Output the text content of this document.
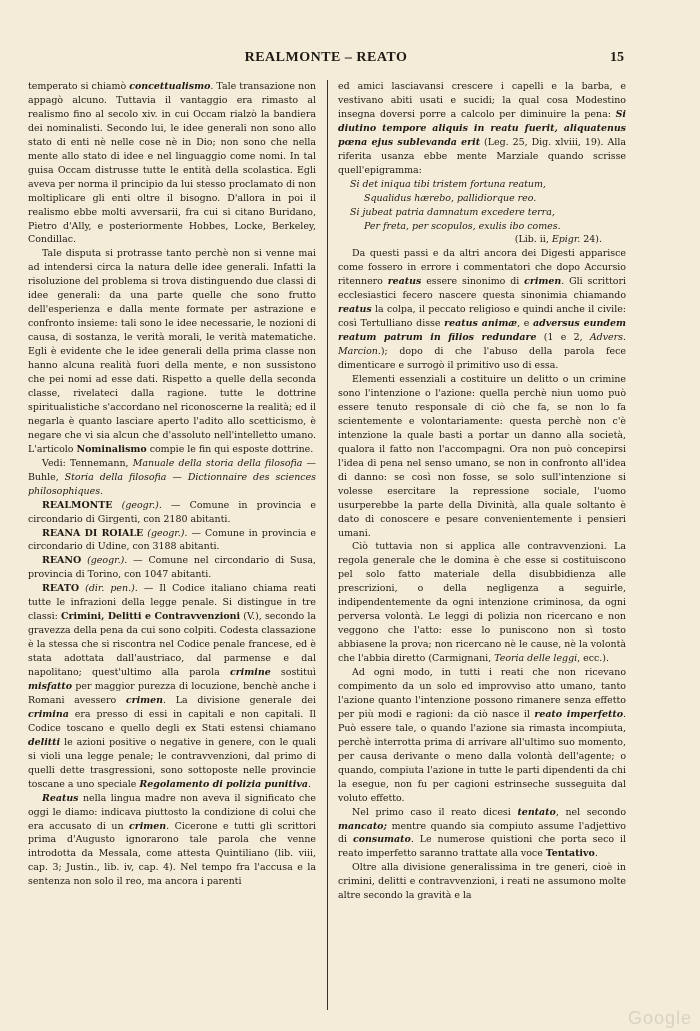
REALMONTE – REATO	15

temperato si chiamò concettualismo. Tale transazione non appagò alcuno. Tuttavia il vantaggio era rimasto al realismo fino al secolo xiv. in cui Occam rialzò la bandiera dei nominalisti. Secondo lui, le idee generali non sono allo stato di enti nè nelle cose nè in Dio; non sono che nella mente allo stato di idee e nel linguaggio come nomi. In tal guisa Occam distrusse tutte le entità della scolastica. Egli aveva per norma il principio da lui stesso proclamato di non moltiplicare gli enti oltre il bisogno. D'allora in poi il realismo ebbe molti avversarii, fra cui si citano Buridano, Pietro d'Ally, e posteriormente Hobbes, Locke, Berkeley, Condillac.

Tale disputa si protrasse tanto perchè non si venne mai ad intendersi circa la natura delle idee generali. Infatti la risoluzione del problema si trova distinguendo due classi di idee generali: da una parte quelle che sono frutto dell'esperienza e dalla mente formate per astrazione e confronto insieme: tali sono le idee necessarie, le nozioni di causa, di sostanza, le verità morali, le verità matematiche. Egli è evidente che le idee generali della prima classe non hanno alcuna realità fuori della mente, e non sussistono che pei nomi ad esse dati. Rispetto a quelle della seconda classe, rivelateci dalla ragione. tutte le dottrine spiritualistiche s'accordano nel riconoscerne la realità; ed il negarla è quanto lasciare aperto l'adito allo scetticismo, è negare che vi sia alcun che d'assoluto nell'intelletto umano. L'articolo Nominalismo compie le fin qui esposte dottrine.

Vedi: Tennemann, Manuale della storia della filosofia — Buhle, Storia della filosofia — Dictionnaire des sciences philosophiques.

REALMONTE (geogr.). — Comune in provincia e circondario di Girgenti, con 2180 abitanti.

REANA DI ROIALE (geogr.). — Comune in provincia e circondario di Udine, con 3188 abitanti.

REANO (geogr.). — Comune nel circondario di Susa, provincia di Torino, con 1047 abitanti.

REATO (dir. pen.). — Il Codice italiano chiama reati tutte le infrazioni della legge penale. Si distingue in tre classi: Crimini, Delitti e Contravvenzioni (V.), secondo la gravezza della pena da cui sono colpiti. Codesta classazione è la stessa che si riscontra nel Codice penale francese, ed è stata adottata dall'austriaco, dal parmense e dal napolitano; quest'ultimo alla parola crimine sostituì misfatto per maggior purezza di locuzione, benchè anche i Romani avessero crimen. La divisione generale dei crimina era presso di essi in capitali e non capitali. Il Codice toscano e quello degli ex Stati estensi chiamano delitti le azioni positive o negative in genere, con le quali si violi una legge penale; le contravvenzioni, dal primo di quelli dette trasgressioni, sono sottoposte nelle provincie toscane a uno speciale Regolamento di polizia punitiva.

Reatus nella lingua madre non aveva il significato che oggi le diamo: indicava piuttosto la condizione di colui che era accusato di un crimen. Cicerone e tutti gli scrittori prima d'Augusto ignorarono tale parola che venne introdotta da Messala, come attesta Quintiliano (lib. viii, cap. 3; Justin., lib. iv, cap. 4). Nel tempo fra l'accusa e la sentenza non solo il reo, ma ancora i parenti

ed amici lasciavansi crescere i capelli e la barba, e vestivano abiti usati e sucidi; la qual cosa Modestino insegna doversi porre a calcolo per diminuire la pena: Si diutino tempore aliquis in reatu fuerit, aliquatenus pœna ejus sublevanda erit (Leg. 25, Dig. xlviii, 19). Alla riferita usanza ebbe mente Marziale quando scrisse quell'epigramma:

Si det iniqua tibi tristem fortuna reatum,
Squalidus hærebo, pallidiorque reo.
Si jubeat patria damnatum excedere terra,
Per freta, per scopulos, exulis ibo comes.

(Lib. ii, Epigr. 24).

Da questi passi e da altri ancora dei Digesti apparisce come fossero in errore i commentatori che dopo Accursio ritennero reatus essere sinonimo di crimen. Gli scrittori ecclesiastici fecero nascere questa sinonimia chiamando reatus la colpa, il peccato religioso e quindi anche il civile: così Tertulliano disse reatus animæ, e adversus eundem reatum patrum in filios redundare (1 e 2, Advers. Marcion.); dopo di che l'abuso della parola fece dimenticare e surrogò il primitivo uso di essa.

Elementi essenziali a costituire un delitto o un crimine sono l'intenzione o l'azione: quella perchè niun uomo può essere tenuto responsale di ciò che fa, se non lo fa scientemente e volontariamente: questa perchè non c'è intenzione la quale basti a portar un danno alla società, qualora il fatto non l'accompagni. Ora non può concepirsi l'idea di pena nel senso umano, se non in confronto all'idea di danno: se così non fosse, se solo sull'intenzione si volesse esercitare la repressione sociale, l'uomo usurperebbe la parte della Divinità, alla quale soltanto è dato di conoscere e pesare convenientemente i pensieri umani.

Ciò tuttavia non si applica alle contravvenzioni. La regola generale che le domina è che esse si costituiscono pel solo fatto materiale della disubbidienza alle prescrizioni, o della negligenza a seguirle, indipendentemente da ogni intenzione criminosa, da ogni perversa volontà. Le leggi di polizia non ricercano e non veggono che l'atto: esse lo puniscono non sì tosto abbiasene la prova; non ricercano nè le cause, nè la volontà che l'abbia diretto (Carmignani, Teoria delle leggi, ecc.).

Ad ogni modo, in tutti i reati che non ricevano compimento da un solo ed improvviso atto umano, tanto l'azione quanto l'intenzione possono rimanere senza effetto per più modi e ragioni: da ciò nasce il reato imperfetto. Può essere tale, o quando l'azione sia rimasta incompiuta, perchè interrotta prima di arrivare all'ultimo suo momento, per causa derivante o meno dalla volontà dell'agente; o quando, compiuta l'azione in tutte le parti dipendenti da chi la esegue, non fu per cagioni estrinseche susseguita dal voluto effetto.

Nel primo caso il reato dicesi tentato, nel secondo mancato; mentre quando sia compiuto assume l'adjettivo di consumato. Le numerose quistioni che porta seco il reato imperfetto saranno trattate alla voce Tentativo.

Oltre alla divisione generalissima in tre generi, cioè in crimini, delitti e contravvenzioni, i reati ne assumono molte altre secondo la gravità e la

Google
